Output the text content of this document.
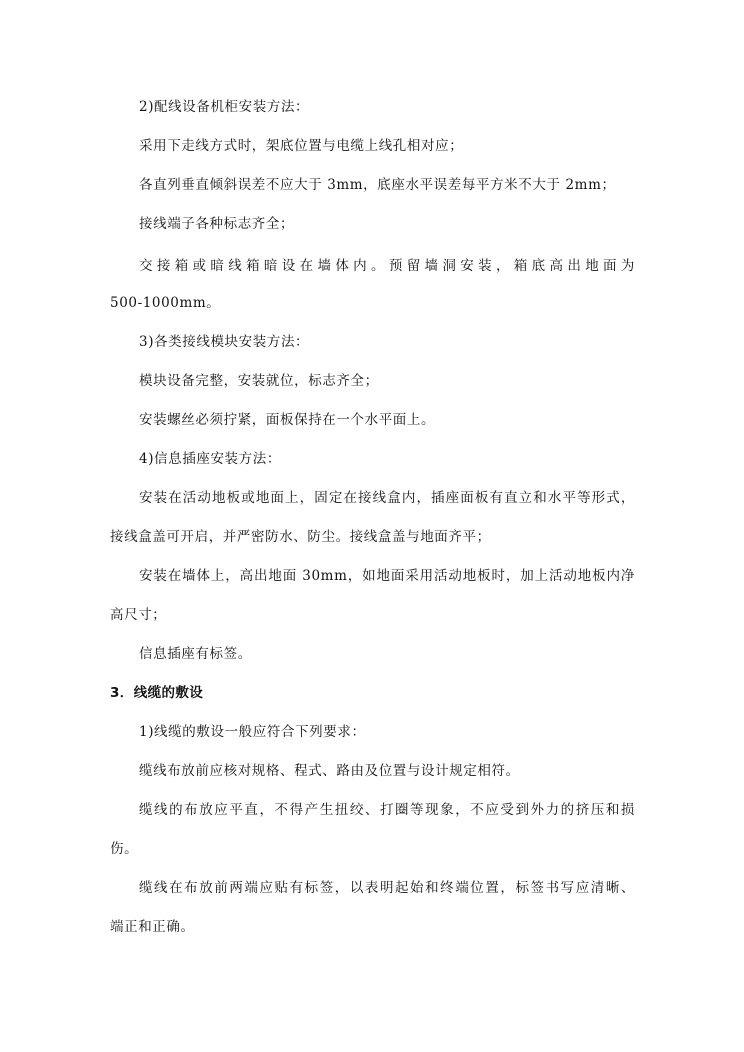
2)配线设备机柜安装方法：
采用下走线方式时，架底位置与电缆上线孔相对应；
各直列垂直倾斜误差不应大于 3mm，底座水平误差每平方米不大于 2mm；
接线端子各种标志齐全；
交接箱或暗线箱暗设在墙体内。预留墙洞安装，箱底高出地面为
500-1000mm。
3)各类接线模块安装方法：
模块设备完整，安装就位，标志齐全；
安装螺丝必须拧紧，面板保持在一个水平面上。
4)信息插座安装方法：
安装在活动地板或地面上，固定在接线盒内，插座面板有直立和水平等形式，
接线盒盖可开启，并严密防水、防尘。接线盒盖与地面齐平；
安装在墙体上，高出地面 30mm，如地面采用活动地板时，加上活动地板内净
高尺寸；
信息插座有标签。
3．线缆的敷设
1)线缆的敷设一般应符合下列要求：
缆线布放前应核对规格、程式、路由及位置与设计规定相符。
缆线的布放应平直，不得产生扭绞、打圈等现象，不应受到外力的挤压和损
伤。
缆线在布放前两端应贴有标签，以表明起始和终端位置，标签书写应清晰、
端正和正确。
